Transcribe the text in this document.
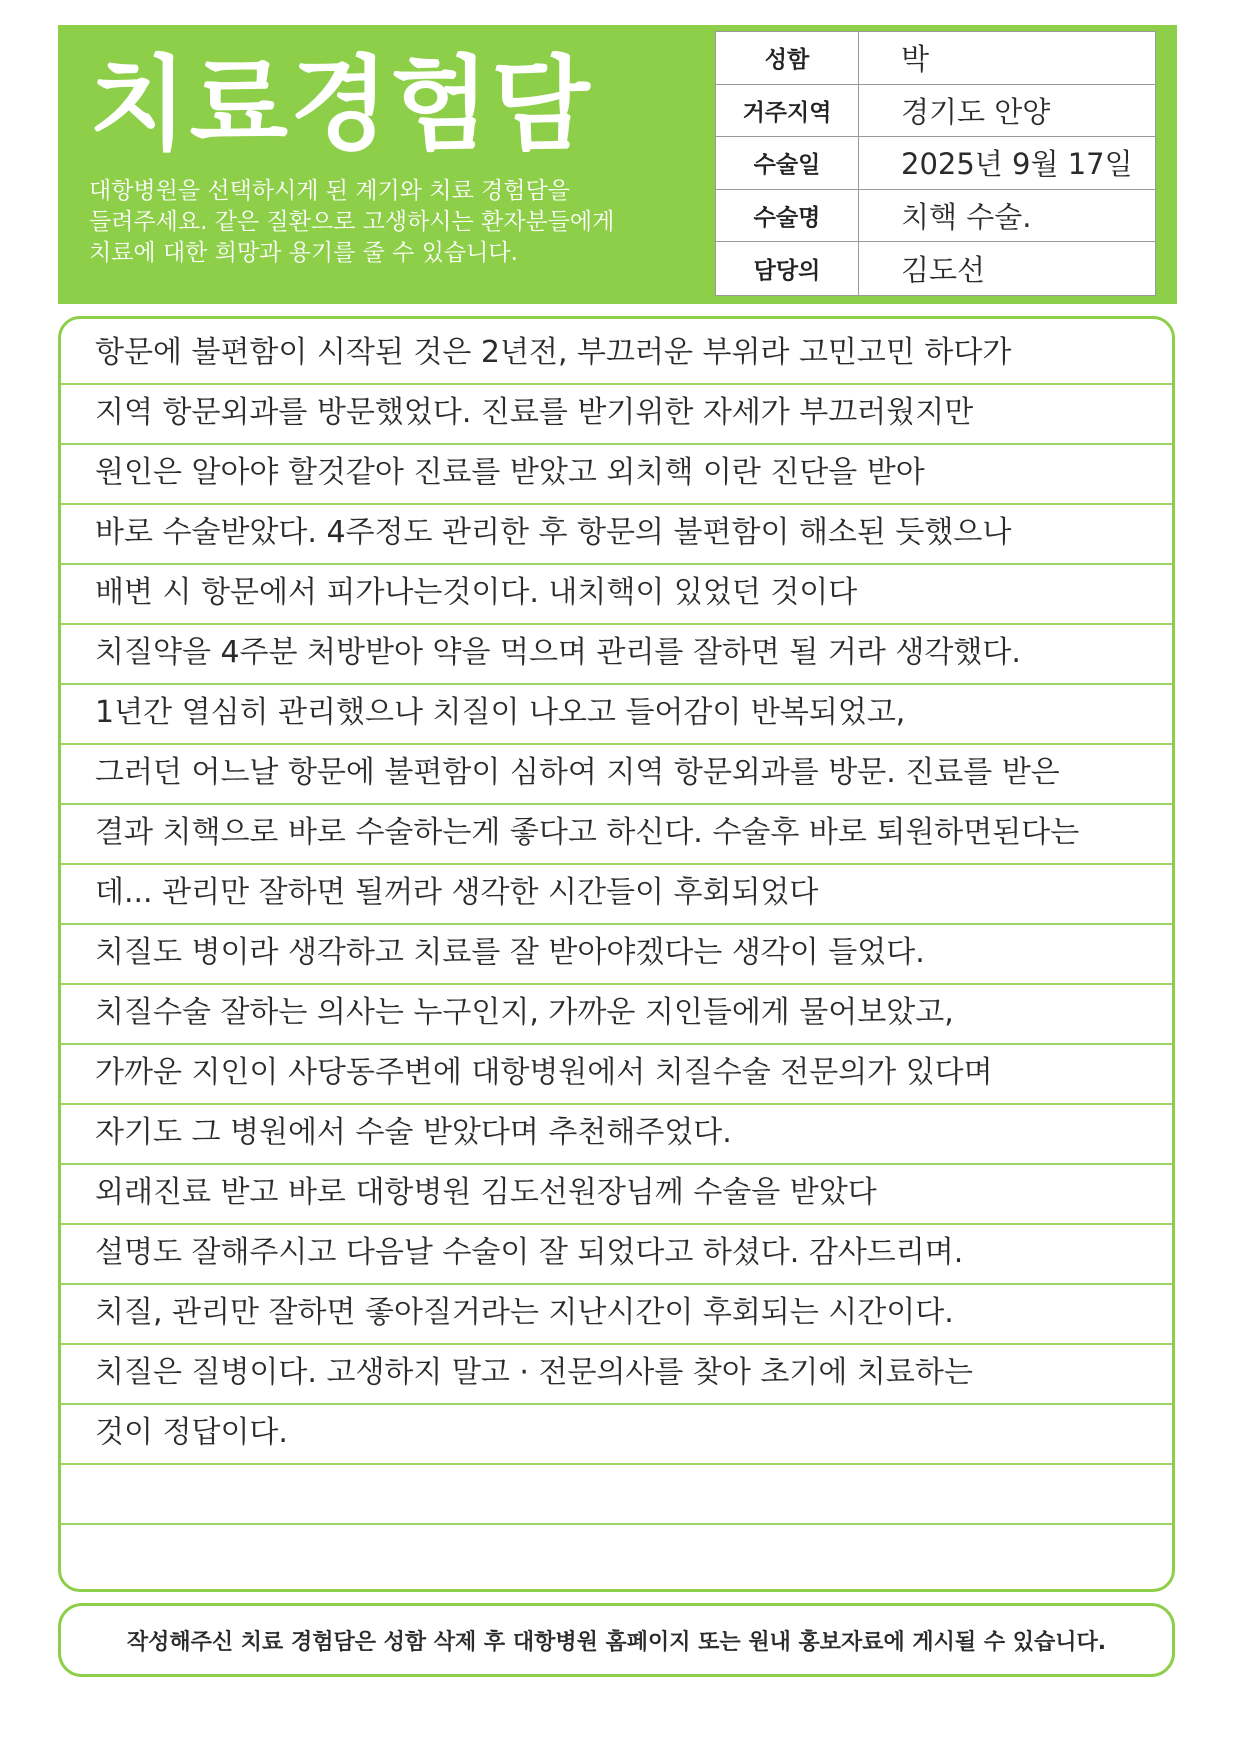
치료경험담
대항병원을 선택하시게 된 계기와 치료 경험담을
들려주세요. 같은 질환으로 고생하시는 환자분들에게
치료에 대한 희망과 용기를 줄 수 있습니다.
성함	박
거주지역	경기도 안양
수술일	2025년 9월 17일
수술명	치핵 수술.
담당의	김도선
항문에 불편함이 시작된 것은 2년전, 부끄러운 부위라 고민고민 하다가
지역 항문외과를 방문했었다. 진료를 받기위한 자세가 부끄러웠지만
원인은 알아야 할것같아 진료를 받았고 외치핵 이란 진단을 받아
바로 수술받았다. 4주정도 관리한 후 항문의 불편함이 해소된 듯했으나
배변 시 항문에서 피가나는것이다. 내치핵이 있었던 것이다
치질약을 4주분 처방받아 약을 먹으며 관리를 잘하면 될 거라 생각했다.
1년간 열심히 관리했으나 치질이 나오고 들어감이 반복되었고,
그러던 어느날 항문에 불편함이 심하여 지역 항문외과를 방문. 진료를 받은
결과 치핵으로 바로 수술하는게 좋다고 하신다. 수술후 바로 퇴원하면된다는
데... 관리만 잘하면 될꺼라 생각한 시간들이 후회되었다
치질도 병이라 생각하고 치료를 잘 받아야겠다는 생각이 들었다.
치질수술 잘하는 의사는 누구인지, 가까운 지인들에게 물어보았고,
가까운 지인이 사당동주변에 대항병원에서 치질수술 전문의가 있다며
자기도 그 병원에서 수술 받았다며 추천해주었다.
외래진료 받고 바로 대항병원 김도선원장님께 수술을 받았다
설명도 잘해주시고 다음날 수술이 잘 되었다고 하셨다. 감사드리며.
치질, 관리만 잘하면 좋아질거라는 지난시간이 후회되는 시간이다.
치질은 질병이다. 고생하지 말고 · 전문의사를 찾아 초기에 치료하는
것이 정답이다.
작성해주신 치료 경험담은 성함 삭제 후 대항병원 홈페이지 또는 원내 홍보자료에 게시될 수 있습니다.
